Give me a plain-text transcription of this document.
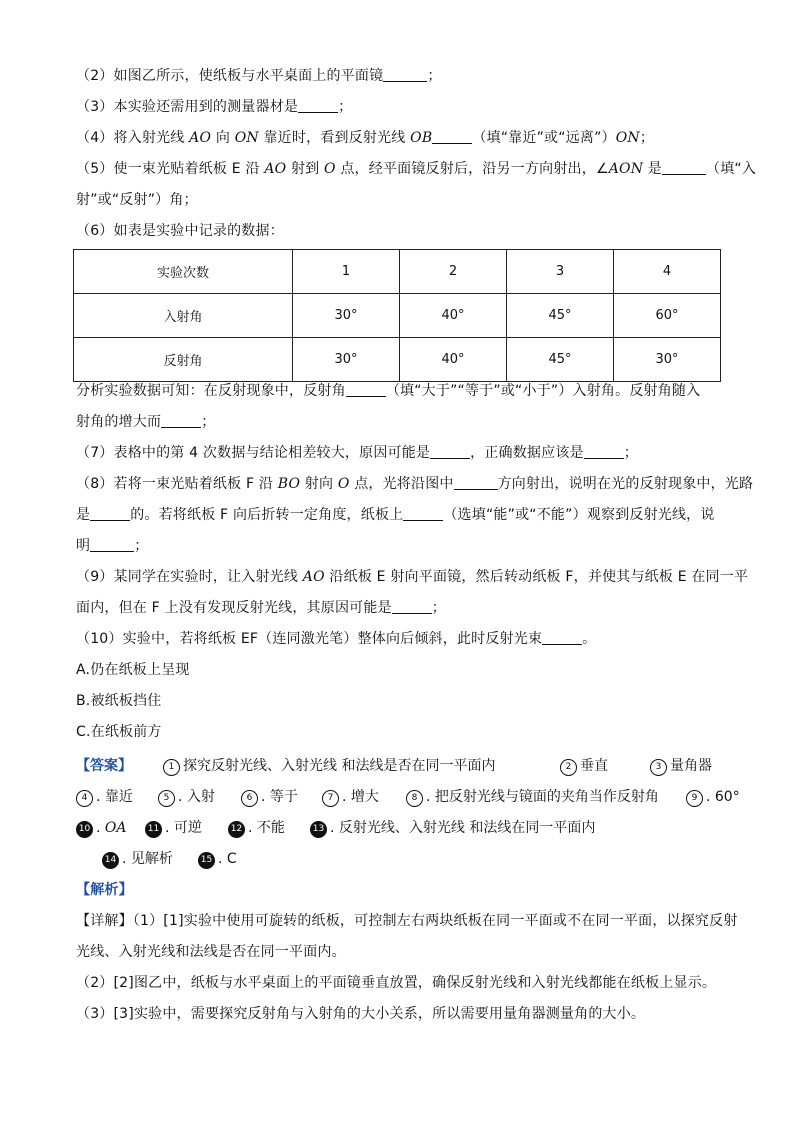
（2）如图乙所示，使纸板与水平桌面上的平面镜	；
（3）本实验还需用到的测量器材是	；
（4）将入射光线 AO 向 ON 靠近时，看到反射光线 OB	（填“靠近”或“远离”）ON；
（5）使一束光贴着纸板 E 沿 AO 射到 O 点，经平面镜反射后，沿另一方向射出，∠AON 是	（填“入
射”或“反射”）角；
（6）如表是实验中记录的数据：
实验次数	1	2	3	4
入射角	30°	40°	45°	60°
反射角	30°	40°	45°	30°
分析实验数据可知：在反射现象中，反射角	（填“大于”“等于”或“小于”）入射角。反射角随入
射角的增大而	；
（7）表格中的第 4 次数据与结论相差较大，原因可能是	，正确数据应该是	；
（8）若将一束光贴着纸板 F 沿 BO 射向 O 点，光将沿图中	方向射出，说明在光的反射现象中，光路
是	的。若将纸板 F 向后折转一定角度，纸板上	（选填“能”或“不能”）观察到反射光线，说
明	；
（9）某同学在实验时，让入射光线 AO 沿纸板 E 射向平面镜，然后转动纸板 F，并使其与纸板 E 在同一平
面内，但在 F 上没有发现反射光线，其原因可能是	；
（10）实验中，若将纸板 EF（连同激光笔）整体向后倾斜，此时反射光束	。
A.仍在纸板上呈现
B.被纸板挡住
C.在纸板前方
【答案】	1 探究反射光线、入射光线 和法线是否在同一平面内	2 垂直	3 量角器
4 . 靠近	5 . 入射	6 . 等于	7 . 增大	8 . 把反射光线与镜面的夹角当作反射角	9 . 60°
10 . OA	11 . 可逆	12 . 不能	13 . 反射光线、入射光线 和法线在同一平面内
14 . 见解析	15 . C
【解析】
【详解】（1）[1]实验中使用可旋转的纸板，可控制左右两块纸板在同一平面或不在同一平面，以探究反射
光线、入射光线和法线是否在同一平面内。
（2）[2]图乙中，纸板与水平桌面上的平面镜垂直放置，确保反射光线和入射光线都能在纸板上显示。
（3）[3]实验中，需要探究反射角与入射角的大小关系，所以需要用量角器测量角的大小。
